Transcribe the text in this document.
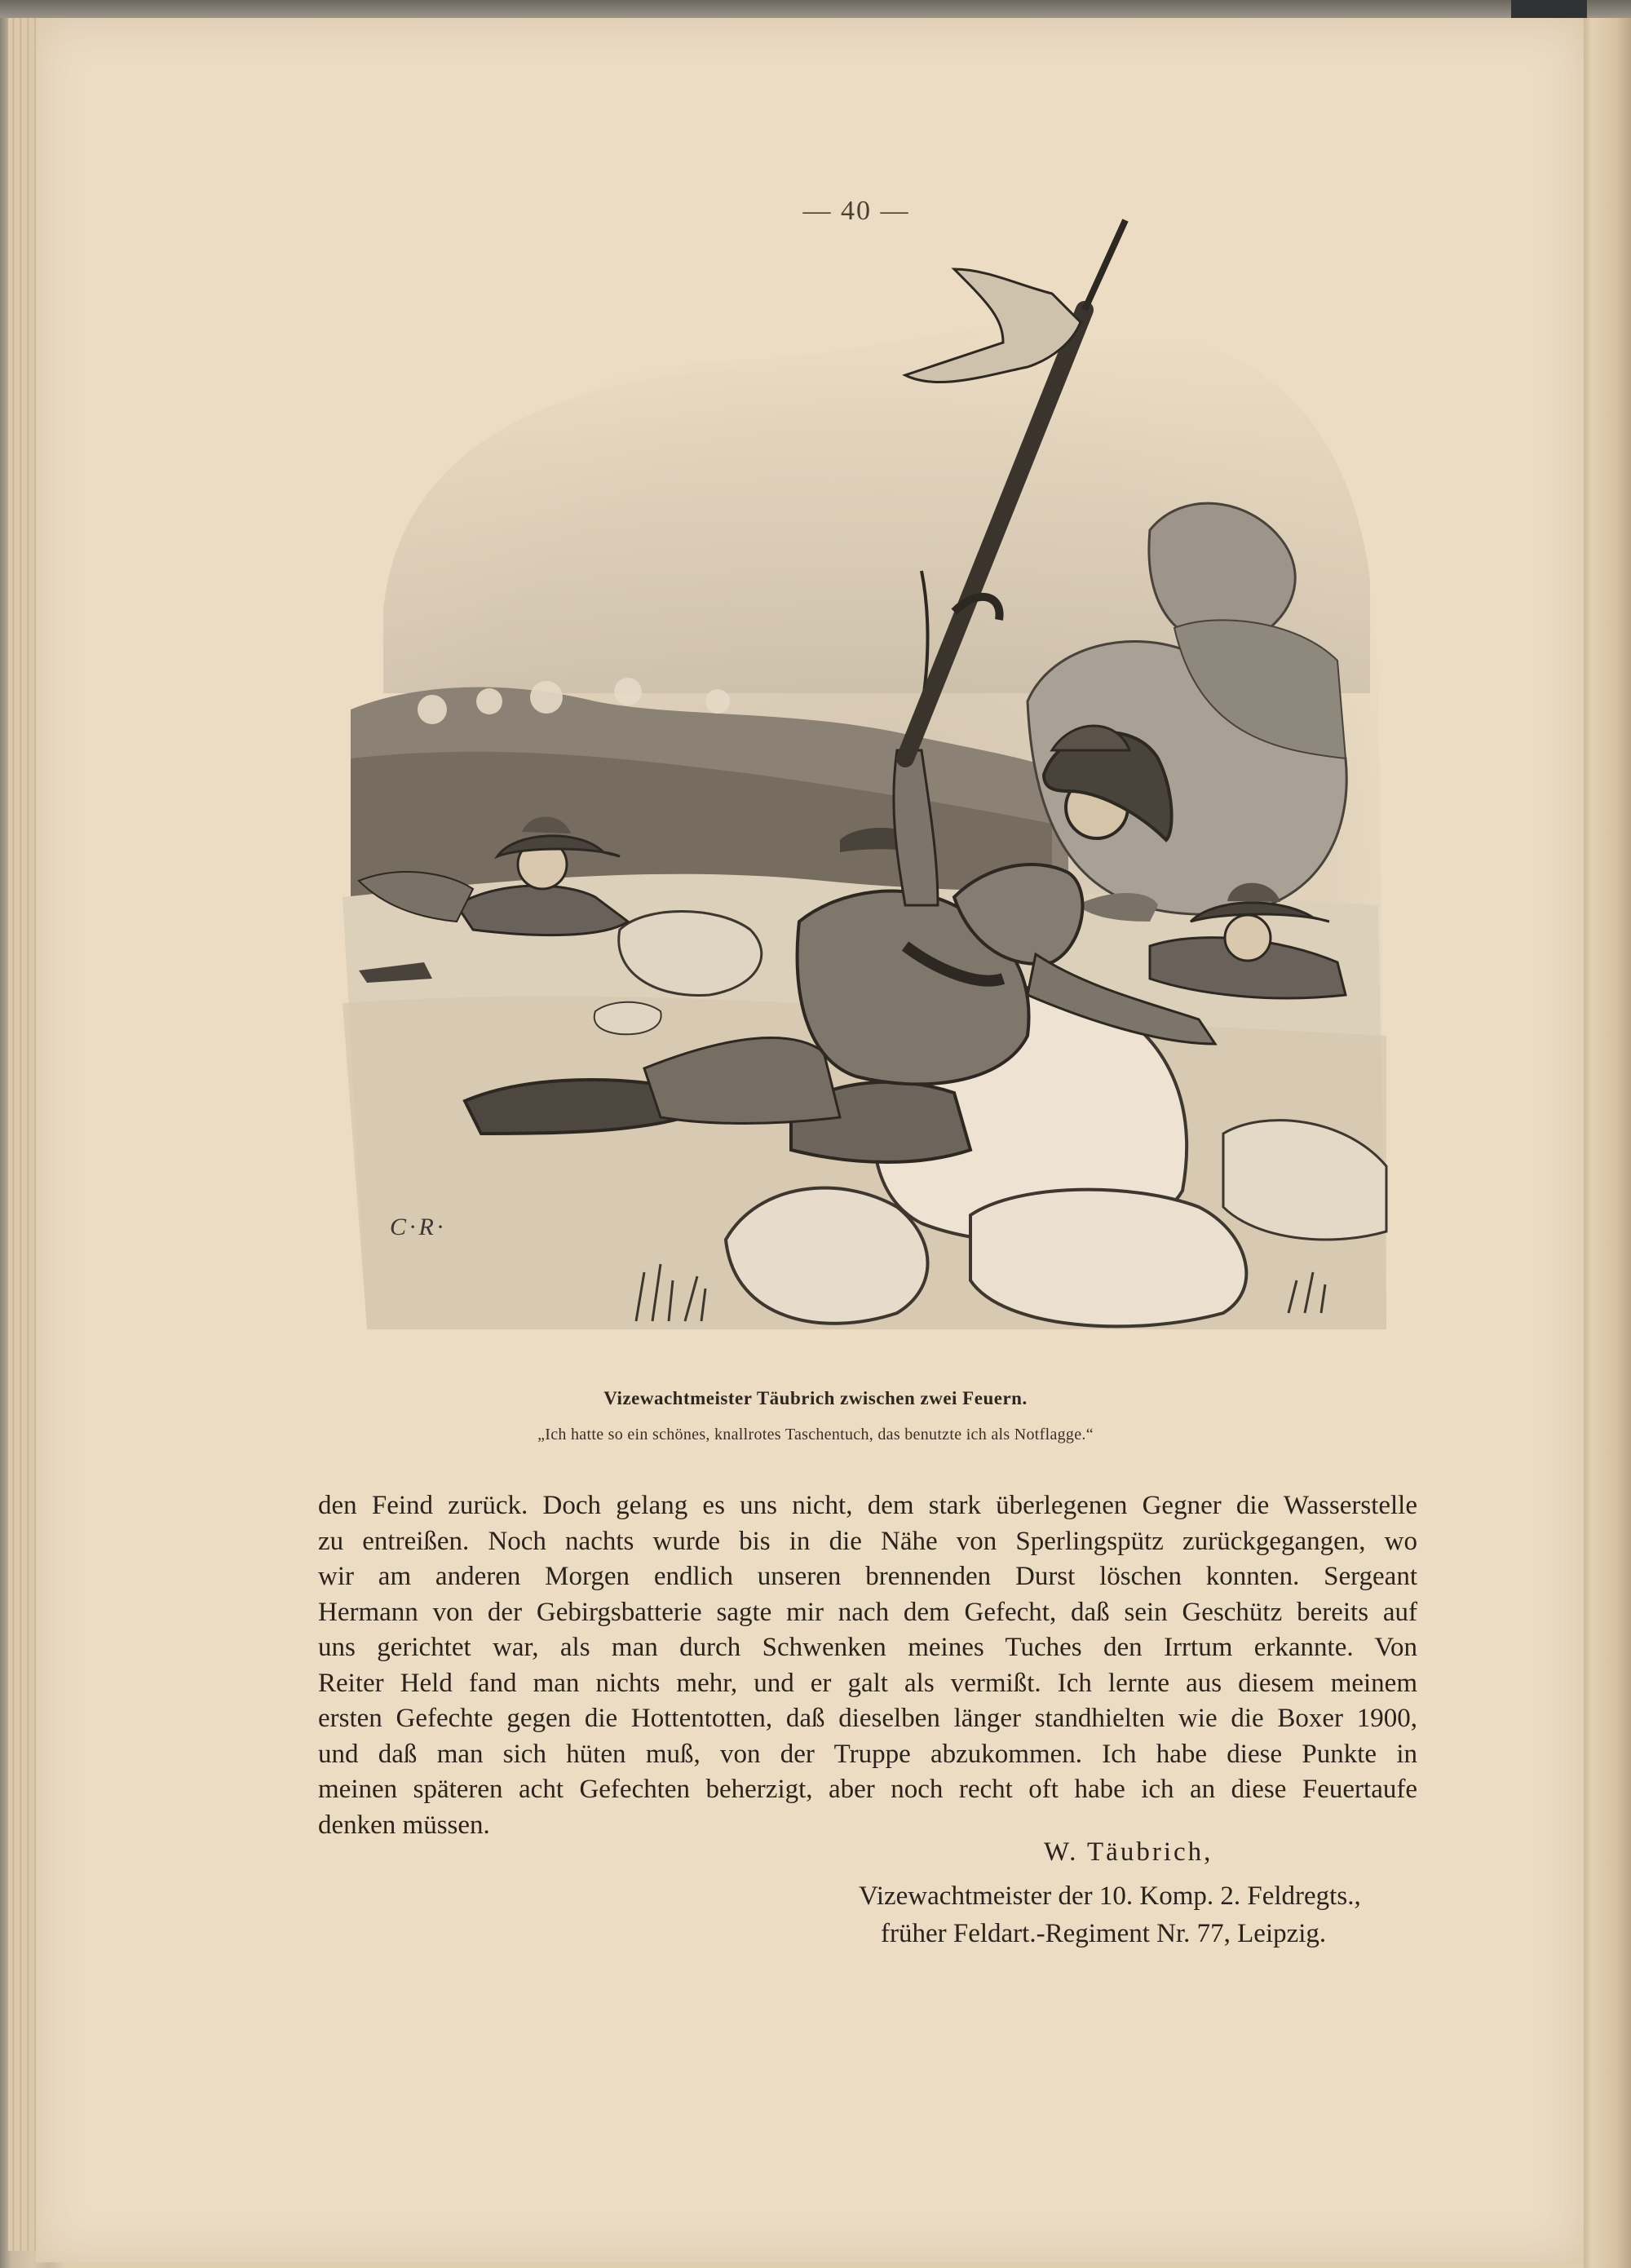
— 40 —
C·R·
Vizewachtmeister Täubrich zwischen zwei Feuern.
„Ich hatte so ein schönes, knallrotes Taschentuch, das benutzte ich als Notflagge.“
den Feind zurück. Doch gelang es uns nicht, dem stark überlegenen Gegner die Wasserstelle
zu entreißen. Noch nachts wurde bis in die Nähe von Sperlingspütz zurückgegangen, wo
wir am anderen Morgen endlich unseren brennenden Durst löschen konnten. Sergeant
Hermann von der Gebirgsbatterie sagte mir nach dem Gefecht, daß sein Geschütz bereits auf
uns gerichtet war, als man durch Schwenken meines Tuches den Irrtum erkannte. Von
Reiter Held fand man nichts mehr, und er galt als vermißt. Ich lernte aus diesem meinem
ersten Gefechte gegen die Hottentotten, daß dieselben länger standhielten wie die Boxer 1900,
und daß man sich hüten muß, von der Truppe abzukommen. Ich habe diese Punkte in
meinen späteren acht Gefechten beherzigt, aber noch recht oft habe ich an diese Feuertaufe
denken müssen.
W. Täubrich,
Vizewachtmeister der 10. Komp. 2. Feldregts.,
früher Feldart.-Regiment Nr. 77, Leipzig.
